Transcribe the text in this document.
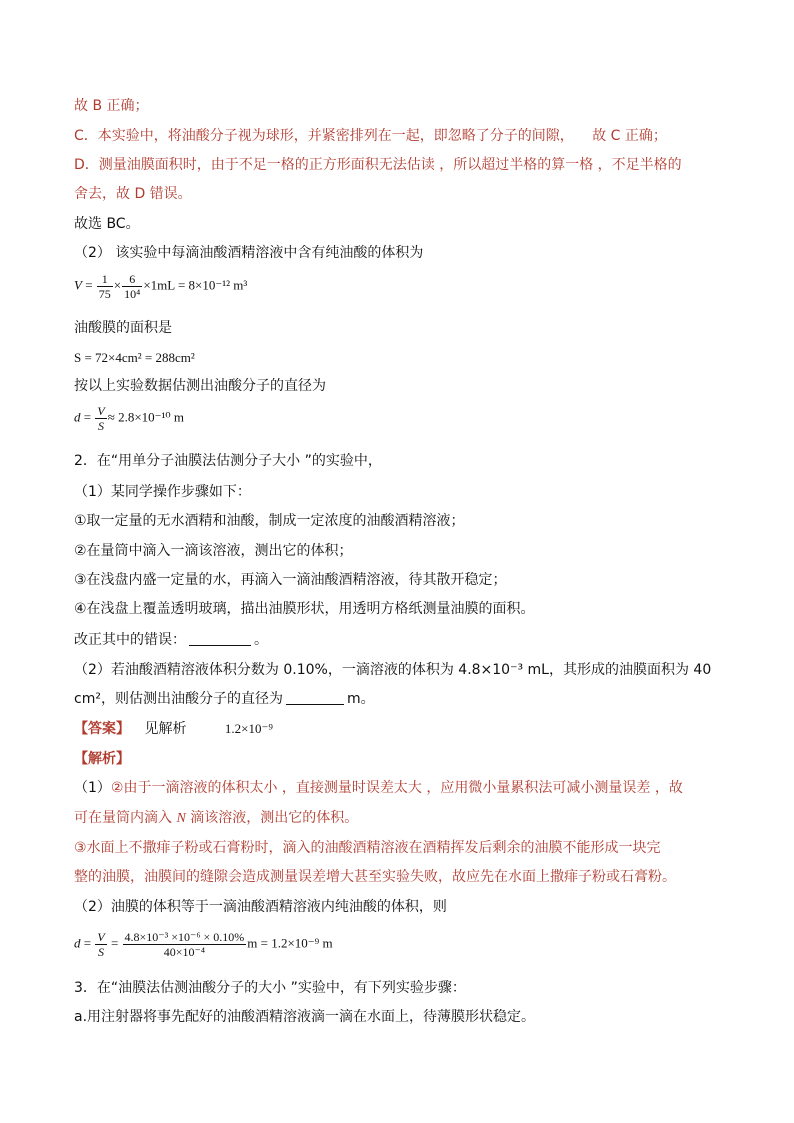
故 B 正确；
C．本实验中，将油酸分子视为球形，并紧密排列在一起，即忽略了分子的间隙， 故 C 正确；
D．测量油膜面积时，由于不足一格的正方形面积无法估读 ，所以超过半格的算一格 ，不足半格的
舍去，故 D 错误。
故选 BC。
（2） 该实验中每滴油酸酒精溶液中含有纯油酸的体积为
$V = \frac{1}{75} \times \frac{6}{\text{10⁴}} \times 1mL = 8\times 10^{-12}$ m³
油酸膜的面积是
S = 72×4cm² = 288cm²
按以上实验数据估测出油酸分子的直径为
$d = \frac{V}{S} \approx 2.8\times 10^{-10}$ m
2．在“用单分子油膜法估测分子大小 ”的实验中，
（1）某同学操作步骤如下：
①取一定量的无水酒精和油酸，制成一定浓度的油酸酒精溶液；
②在量筒中滴入一滴该溶液，测出它的体积；
③在浅盘内盛一定量的水，再滴入一滴油酸酒精溶液，待其散开稳定；
④在浅盘上覆盖透明玻璃，描出油膜形状，用透明方格纸测量油膜的面积。
改正其中的错误：	。
（2）若油酸酒精溶液体积分数为 0.10%，一滴溶液的体积为 4.8×10⁻³ mL，其形成的油膜面积为 40
cm²，则估测出油酸分子的直径为	m。
【答案】 见解析	1.2×10⁻⁹
【解析】
（1）②由于一滴溶液的体积太小 ，直接测量时误差太大 ，应用微小量累积法可减小测量误差 ，故
可在量筒内滴入 N 滴该溶液，测出它的体积。
③水面上不撒痱子粉或石膏粉时，滴入的油酸酒精溶液在酒精挥发后剩余的油膜不能形成一块完
整的油膜，油膜间的缝隙会造成测量误差增大甚至实验失败，故应先在水面上撒痱子粉或石膏粉。
（2）油膜的体积等于一滴油酸酒精溶液内纯油酸的体积，则
$d = \frac{V}{S} = \frac{\text{4.8×10⁻³ ×10⁻⁶ × 0.10\%}}{\text{40×10⁻⁴}}$ m = 1.2×10⁻⁹ m
3．在“油膜法估测油酸分子的大小 ”实验中，有下列实验步骤：
a.用注射器将事先配好的油酸酒精溶液滴一滴在水面上，待薄膜形状稳定。
